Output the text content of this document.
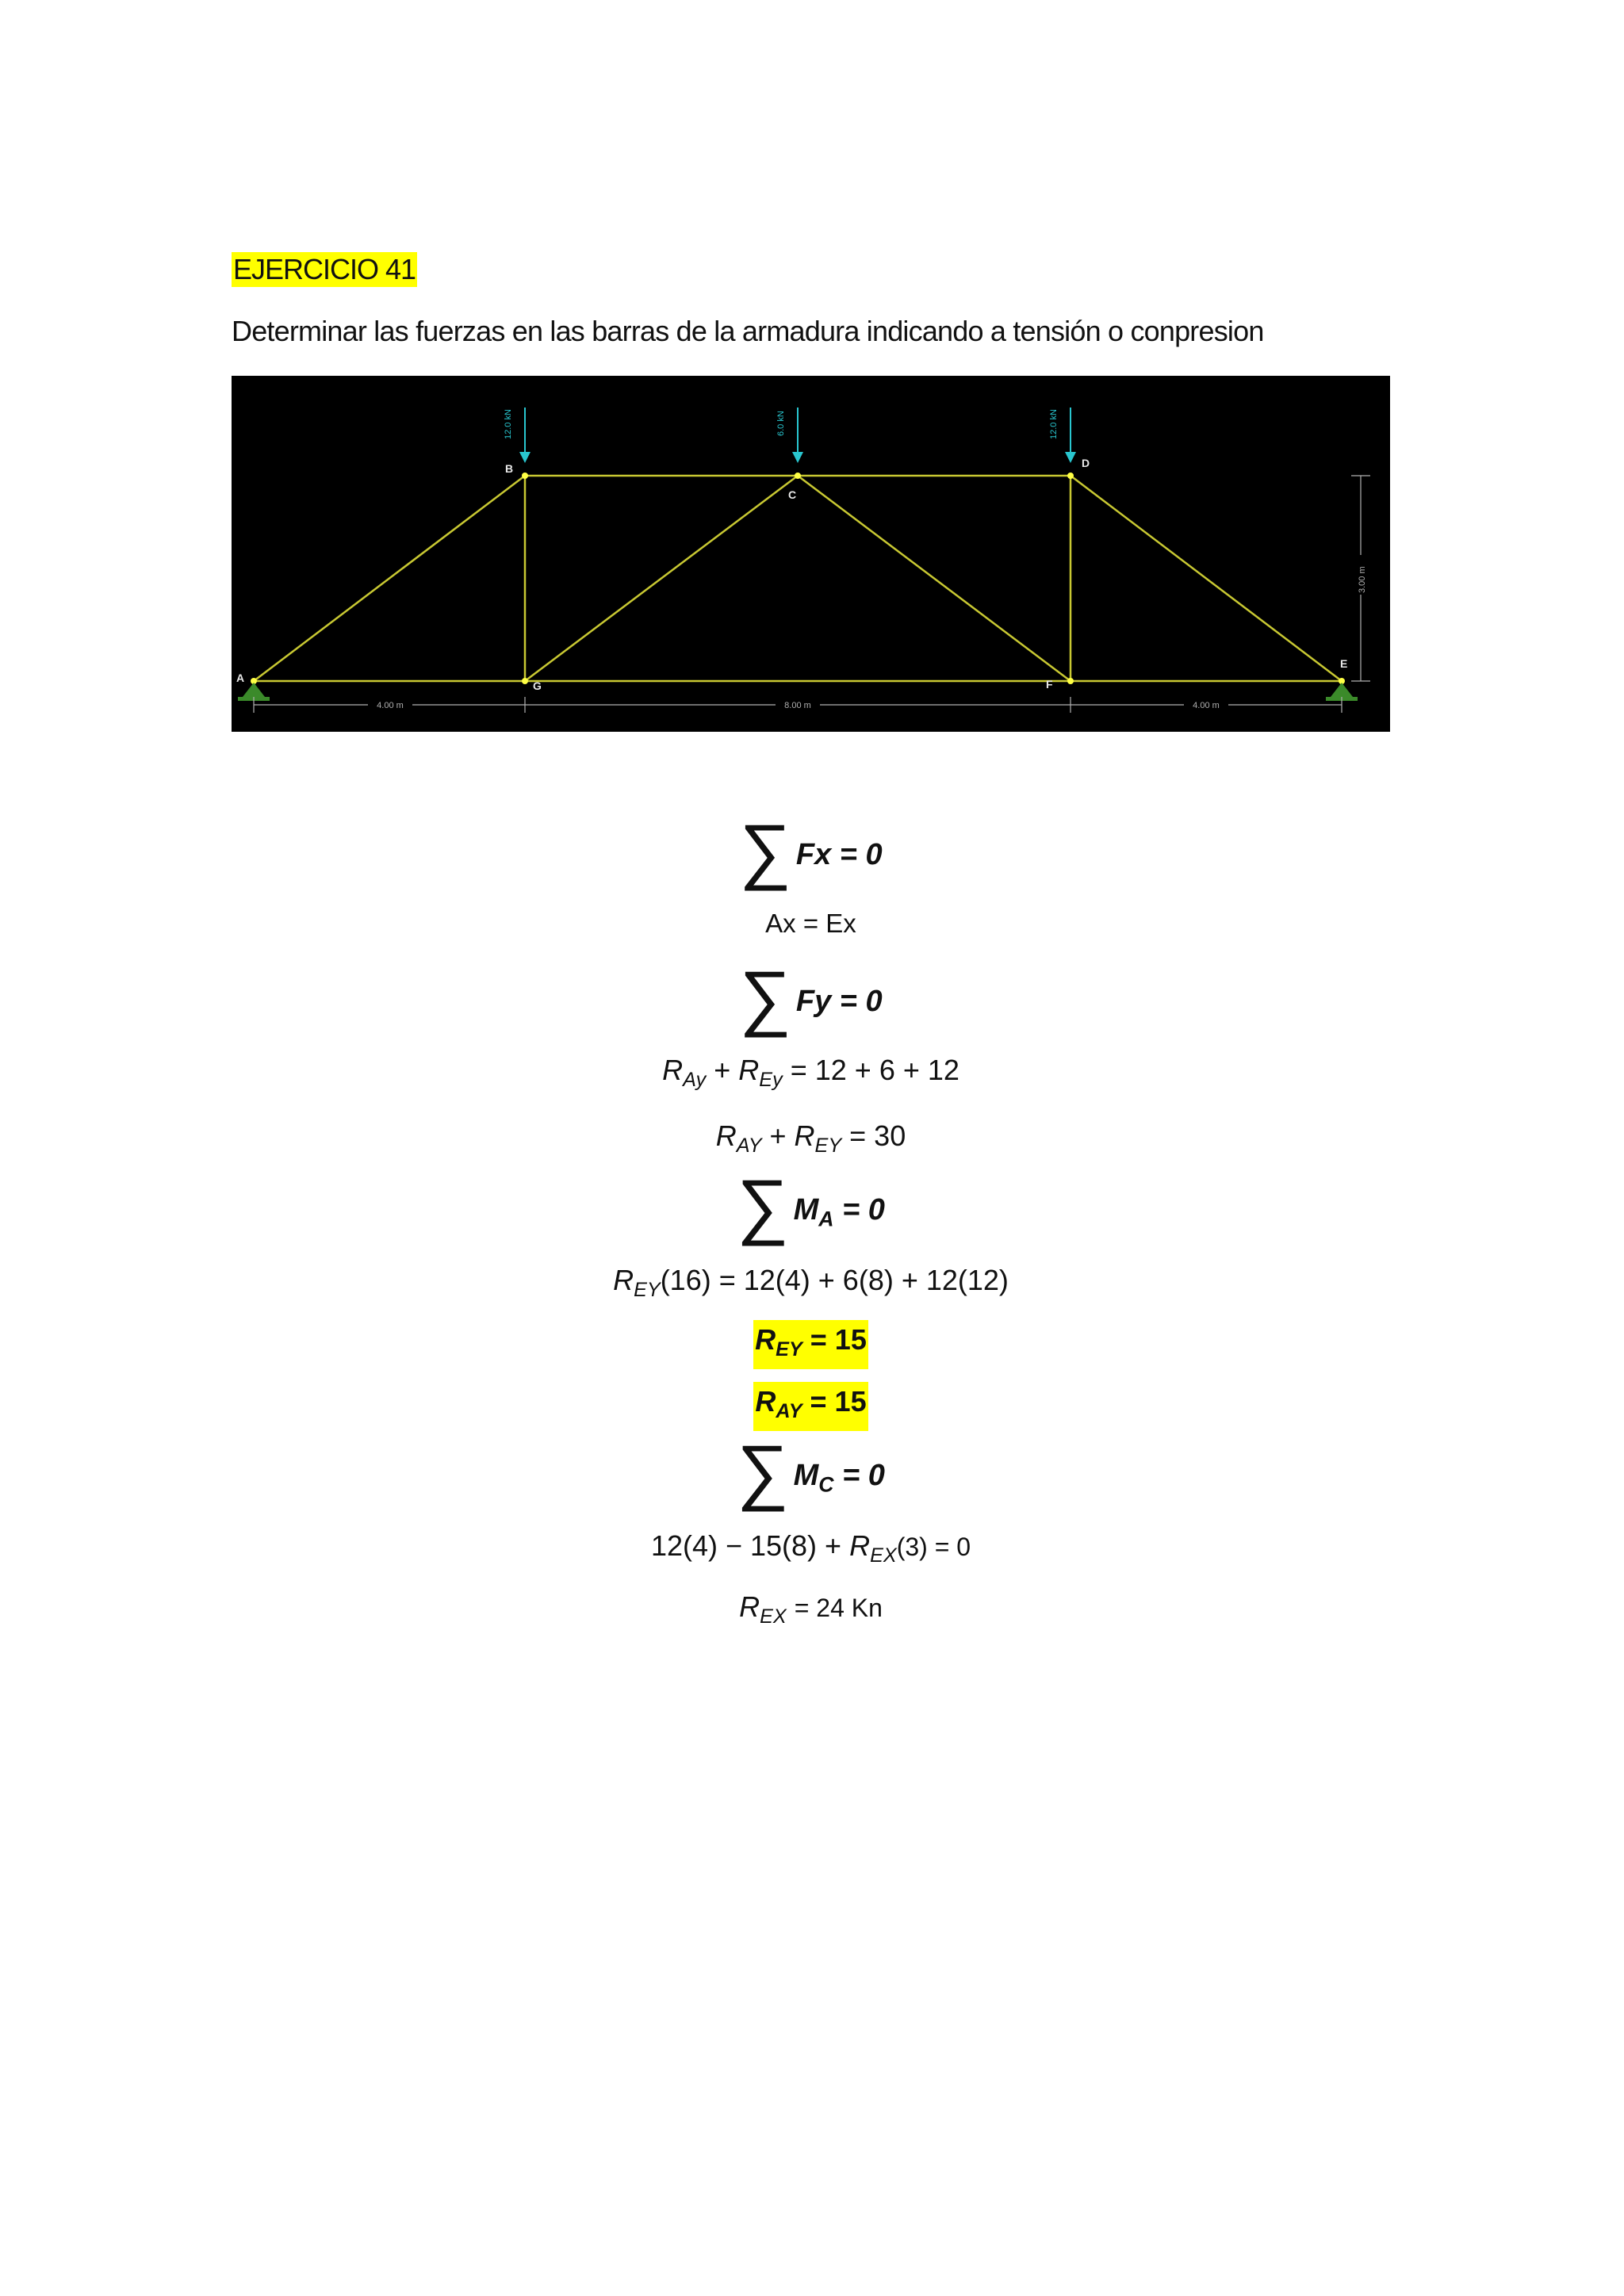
EJERCICIO 41
Determinar las fuerzas en las barras de la armadura indicando a tensión o conpresion
A
B
C
D
E
F
G
12.0 kN	6.0 kN	12.0 kN
4.00 m	8.00 m	4.00 m
3.00 m
∑ Fx = 0
Ax = Ex
∑ Fy = 0
$R_{Ay} + R_{Ey} = 12 + 6 + 12$
$R_{AY} + R_{EY} = 30$
∑ $M_A = 0$
$R_{EY}(16) = 12(4) + 6(8) + 12(12)$
$R_{EY} = 15$
$R_{AY} = 15$
∑ $M_C = 0$
$12(4) - 15(8) + R_{EX}(3) = 0$
$R_{EX} = 24$ Kn
